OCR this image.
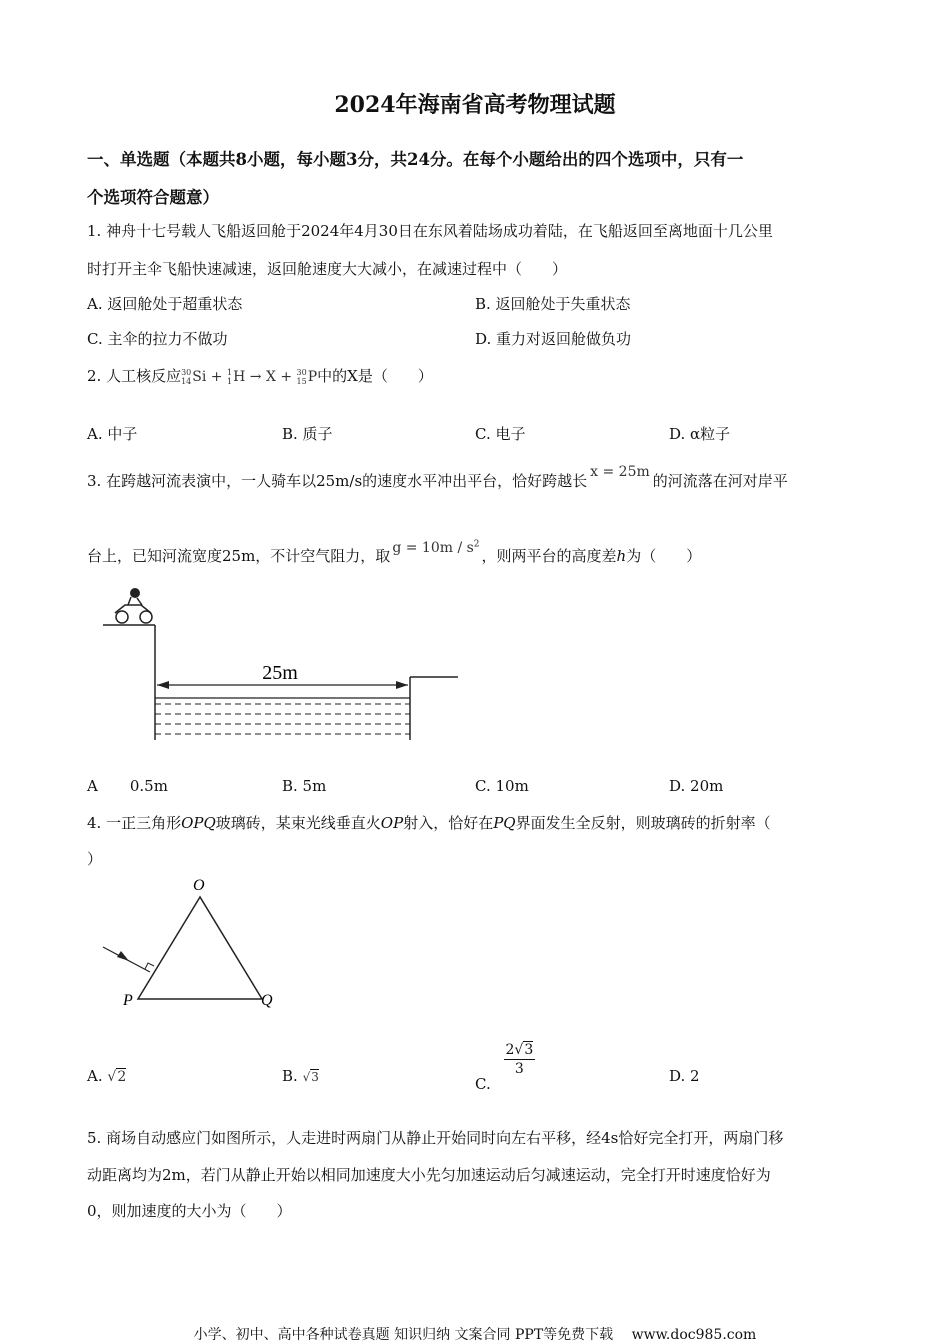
2024年海南省高考物理试题
一、单选题（本题共8小题，每小题3分，共24分。在每个小题给出的四个选项中，只有一
个选项符合题意）
1. 神舟十七号载人飞船返回舱于2024年4月30日在东风着陆场成功着陆，在飞船返回至离地面十几公里
时打开主伞飞船快速减速，返回舱速度大大减小，在减速过程中（　　）
A. 返回舱处于超重状态	B. 返回舱处于失重状态
C. 主伞的拉力不做功	D. 重力对返回舱做负功
2. 人工核反应 30
14 Si + 1
1 H → X + 30
15 P中的X是（　　）
A. 中子	B. 质子	C. 电子	D. α粒子
3. 在跨越河流表演中，一人骑车以25m/s的速度水平冲出平台，恰好跨越长 x = 25m 的河流落在河对岸平
台上，已知河流宽度25m，不计空气阻力，取 $g = 10m / s^2$，则两平台的高度差h为（　　）
25m
A 0.5m	B. 5m	C. 10m	D. 20m
4. 一正三角形OPQ玻璃砖，某束光线垂直火OP射入，恰好在PQ界面发生全反射，则玻璃砖的折射率（
）
O
P	Q
A. √2	B. √3	C.
$\frac{2√3}{3}$	D. 2
5. 商场自动感应门如图所示，人走进时两扇门从静止开始同时向左右平移，经4s恰好完全打开，两扇门移
动距离均为2m，若门从静止开始以相同加速度大小先匀加速运动后匀减速运动，完全打开时速度恰好为
0，则加速度的大小为（　　）
小学、初中、高中各种试卷真题 知识归纳 文案合同 PPT等免费下载　 www.doc985.com
